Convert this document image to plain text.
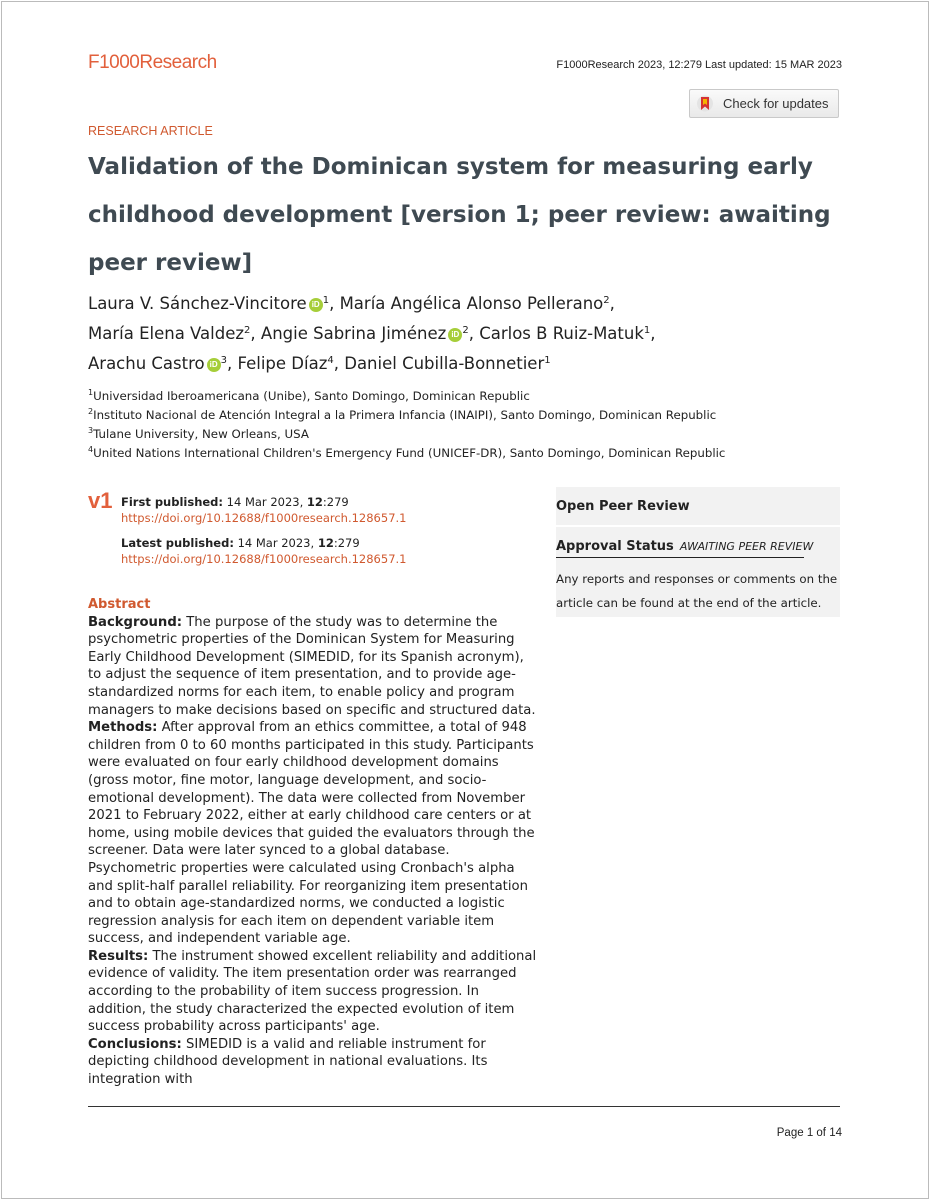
F1000Research	F1000Research 2023, 12:279 Last updated: 15 MAR 2023
Check for updates
RESEARCH ARTICLE
Validation of the Dominican system for measuring early childhood development [version 1; peer review: awaiting peer review]
Laura V. Sánchez-Vincitore iD $^1$, María Angélica Alonso Pellerano$^2$,
María Elena Valdez$^2$, Angie Sabrina Jiménez iD $^2$, Carlos B Ruiz-Matuk$^1$,
Arachu Castro iD $^3$, Felipe Díaz$^4$, Daniel Cubilla-Bonnetier$^1$
$^1$Universidad Iberoamericana (Unibe), Santo Domingo, Dominican Republic
$^2$Instituto Nacional de Atención Integral a la Primera Infancia (INAIPI), Santo Domingo, Dominican Republic
$^3$Tulane University, New Orleans, USA
$^4$United Nations International Children's Emergency Fund (UNICEF-DR), Santo Domingo, Dominican Republic
v1 First published: 14 Mar 2023, 12:279
https://doi.org/10.12688/f1000research.128657.1
Latest published: 14 Mar 2023, 12:279
https://doi.org/10.12688/f1000research.128657.1
Abstract

Background: The purpose of the study was to determine the psychometric properties of the Dominican System for Measuring Early Childhood Development (SIMEDID, for its Spanish acronym), to adjust the sequence of item presentation, and to provide age-standardized norms for each item, to enable policy and program managers to make decisions based on specific and structured data.

Methods: After approval from an ethics committee, a total of 948 children from 0 to 60 months participated in this study. Participants were evaluated on four early childhood development domains (gross motor, fine motor, language development, and socio-emotional development). The data were collected from November 2021 to February 2022, either at early childhood care centers or at home, using mobile devices that guided the evaluators through the screener. Data were later synced to a global database. Psychometric properties were calculated using Cronbach's alpha and split-half parallel reliability. For reorganizing item presentation and to obtain age-standardized norms, we conducted a logistic regression analysis for each item on dependent variable item success, and independent variable age.

Results: The instrument showed excellent reliability and additional evidence of validity. The item presentation order was rearranged according to the probability of item success progression. In addition, the study characterized the expected evolution of item success probability across participants' age.

Conclusions: SIMEDID is a valid and reliable instrument for depicting childhood development in national evaluations. Its integration with

Open Peer Review
Approval Status AWAITING PEER REVIEW
Any reports and responses or comments on the article can be found at the end of the article.
Page 1 of 14
